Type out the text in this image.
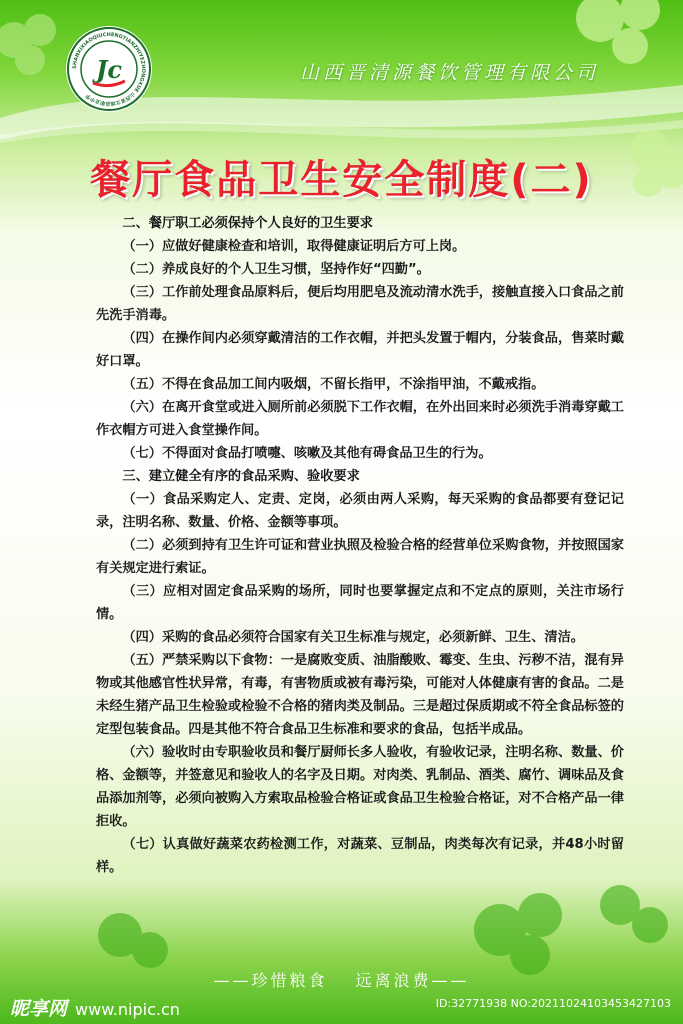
SHANXIXIAOQIUCHENGTIANZHIYEZHONGXUE 山西省文城县职业中学
Jc	山西晋清源餐饮管理有限公司
餐厅食品卫生安全制度(二)

二、餐厅职工必须保持个人良好的卫生要求

（一）应做好健康检查和培训，取得健康证明后方可上岗。

（二）养成良好的个人卫生习惯，坚持作好“四勤”。

（三）工作前处理食品原料后，便后均用肥皂及流动清水洗手，接触直接入口食品之前先洗手消毒。

（四）在操作间内必须穿戴清洁的工作衣帽，并把头发置于帽内，分装食品，售菜时戴好口罩。

（五）不得在食品加工间内吸烟，不留长指甲，不涂指甲油，不戴戒指。

（六）在离开食堂或进入厕所前必须脱下工作衣帽，在外出回来时必须洗手消毒穿戴工作衣帽方可进入食堂操作间。

（七）不得面对食品打喷嚏、咳嗽及其他有碍食品卫生的行为。

三、建立健全有序的食品采购、验收要求

（一）食品采购定人、定责、定岗，必须由两人采购，每天采购的食品都要有登记记录，注明名称、数量、价格、金额等事项。

（二）必须到持有卫生许可证和营业执照及检验合格的经营单位采购食物，并按照国家有关规定进行索证。

（三）应相对固定食品采购的场所，同时也要掌握定点和不定点的原则，关注市场行情。

（四）采购的食品必须符合国家有关卫生标准与规定，必须新鲜、卫生、清洁。

（五）严禁采购以下食物：一是腐败变质、油脂酸败、霉变、生虫、污秽不洁，混有异物或其他感官性状异常，有毒，有害物质或被有毒污染，可能对人体健康有害的食品。二是未经生猪产品卫生检验或检验不合格的猪肉类及制品。三是超过保质期或不符全食品标签的定型包装食品。四是其他不符合食品卫生标准和要求的食品，包括半成品。

（六）验收时由专职验收员和餐厅厨师长多人验收，有验收记录，注明名称、数量、价格、金额等，并签意见和验收人的名字及日期。对肉类、乳制品、酒类、腐竹、调味品及食品添加剂等，必须向被购入方索取品检验合格证或食品卫生检验合格证，对不合格产品一律拒收。

（七）认真做好蔬菜农药检测工作，对蔬菜、豆制品，肉类每次有记录，并48小时留样。

——珍惜粮食 远离浪费——
昵享网 www.nipic.cn	ID:32771938 NO:20211024103453427103
